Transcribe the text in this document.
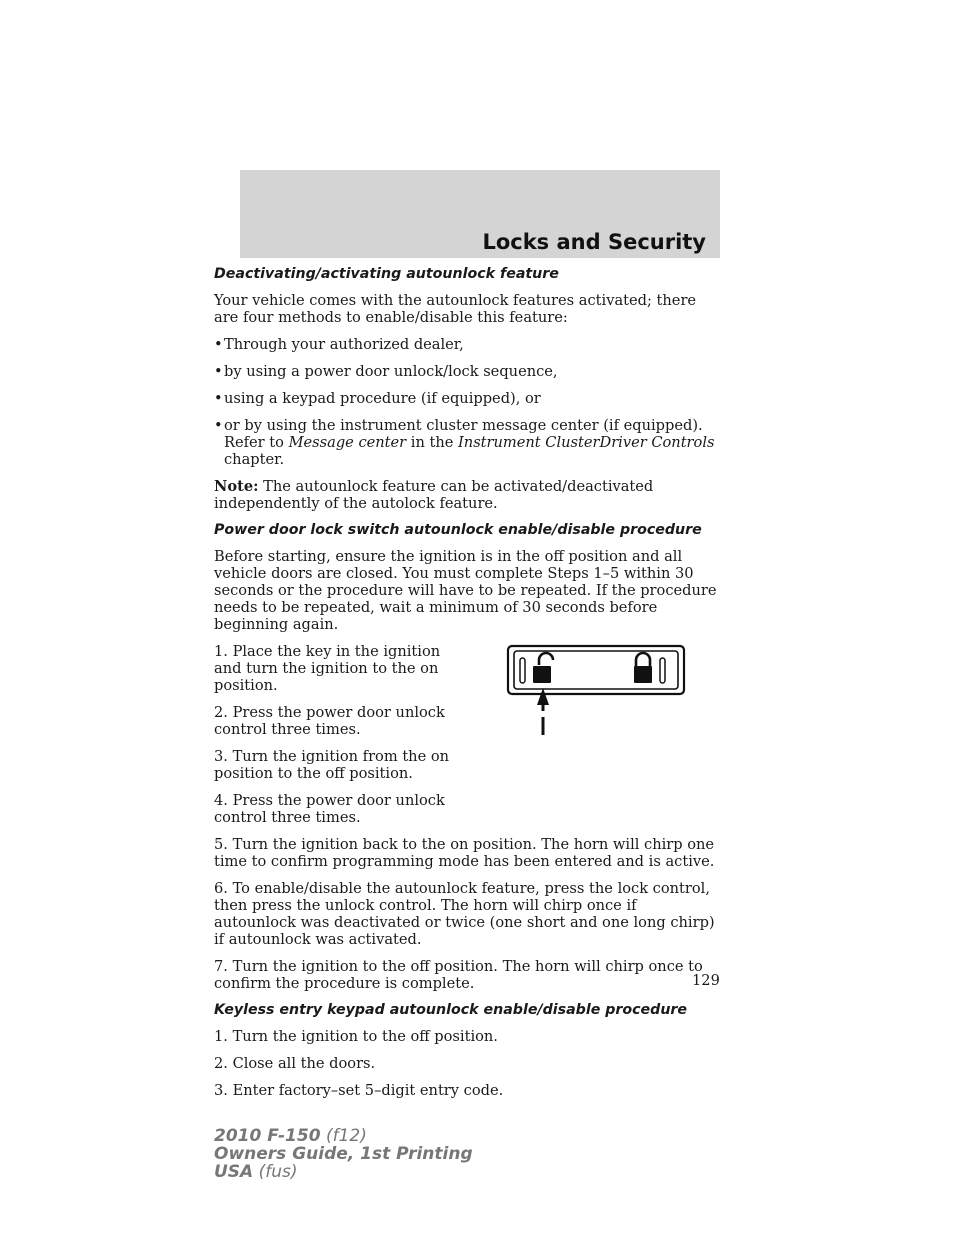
Locks and Security
Deactivating/activating autounlock feature

Your vehicle comes with the autounlock features activated; there are four methods to enable/disable this feature:

• Through your authorized dealer,
• by using a power door unlock/lock sequence,
• using a keypad procedure (if equipped), or
• or by using the instrument cluster message center (if equipped). Refer to Message center in the Instrument ClusterDriver Controls chapter.

Note: The autounlock feature can be activated/deactivated independently of the autolock feature.

Power door lock switch autounlock enable/disable procedure

Before starting, ensure the ignition is in the off position and all vehicle doors are closed. You must complete Steps 1–5 within 30 seconds or the procedure will have to be repeated. If the procedure needs to be repeated, wait a minimum of 30 seconds before beginning again.

1. Place the key in the ignition and turn the ignition to the on position.

2. Press the power door unlock control three times.

3. Turn the ignition from the on position to the off position.

4. Press the power door unlock control three times.

5. Turn the ignition back to the on position. The horn will chirp one time to confirm programming mode has been entered and is active.

6. To enable/disable the autounlock feature, press the lock control, then press the unlock control. The horn will chirp once if autounlock was deactivated or twice (one short and one long chirp) if autounlock was activated.

7. Turn the ignition to the off position. The horn will chirp once to confirm the procedure is complete.

Keyless entry keypad autounlock enable/disable procedure

1. Turn the ignition to the off position.

2. Close all the doors.

3. Enter factory–set 5–digit entry code.

129
2010 F-150 (f12)
Owners Guide, 1st Printing
USA (fus)
